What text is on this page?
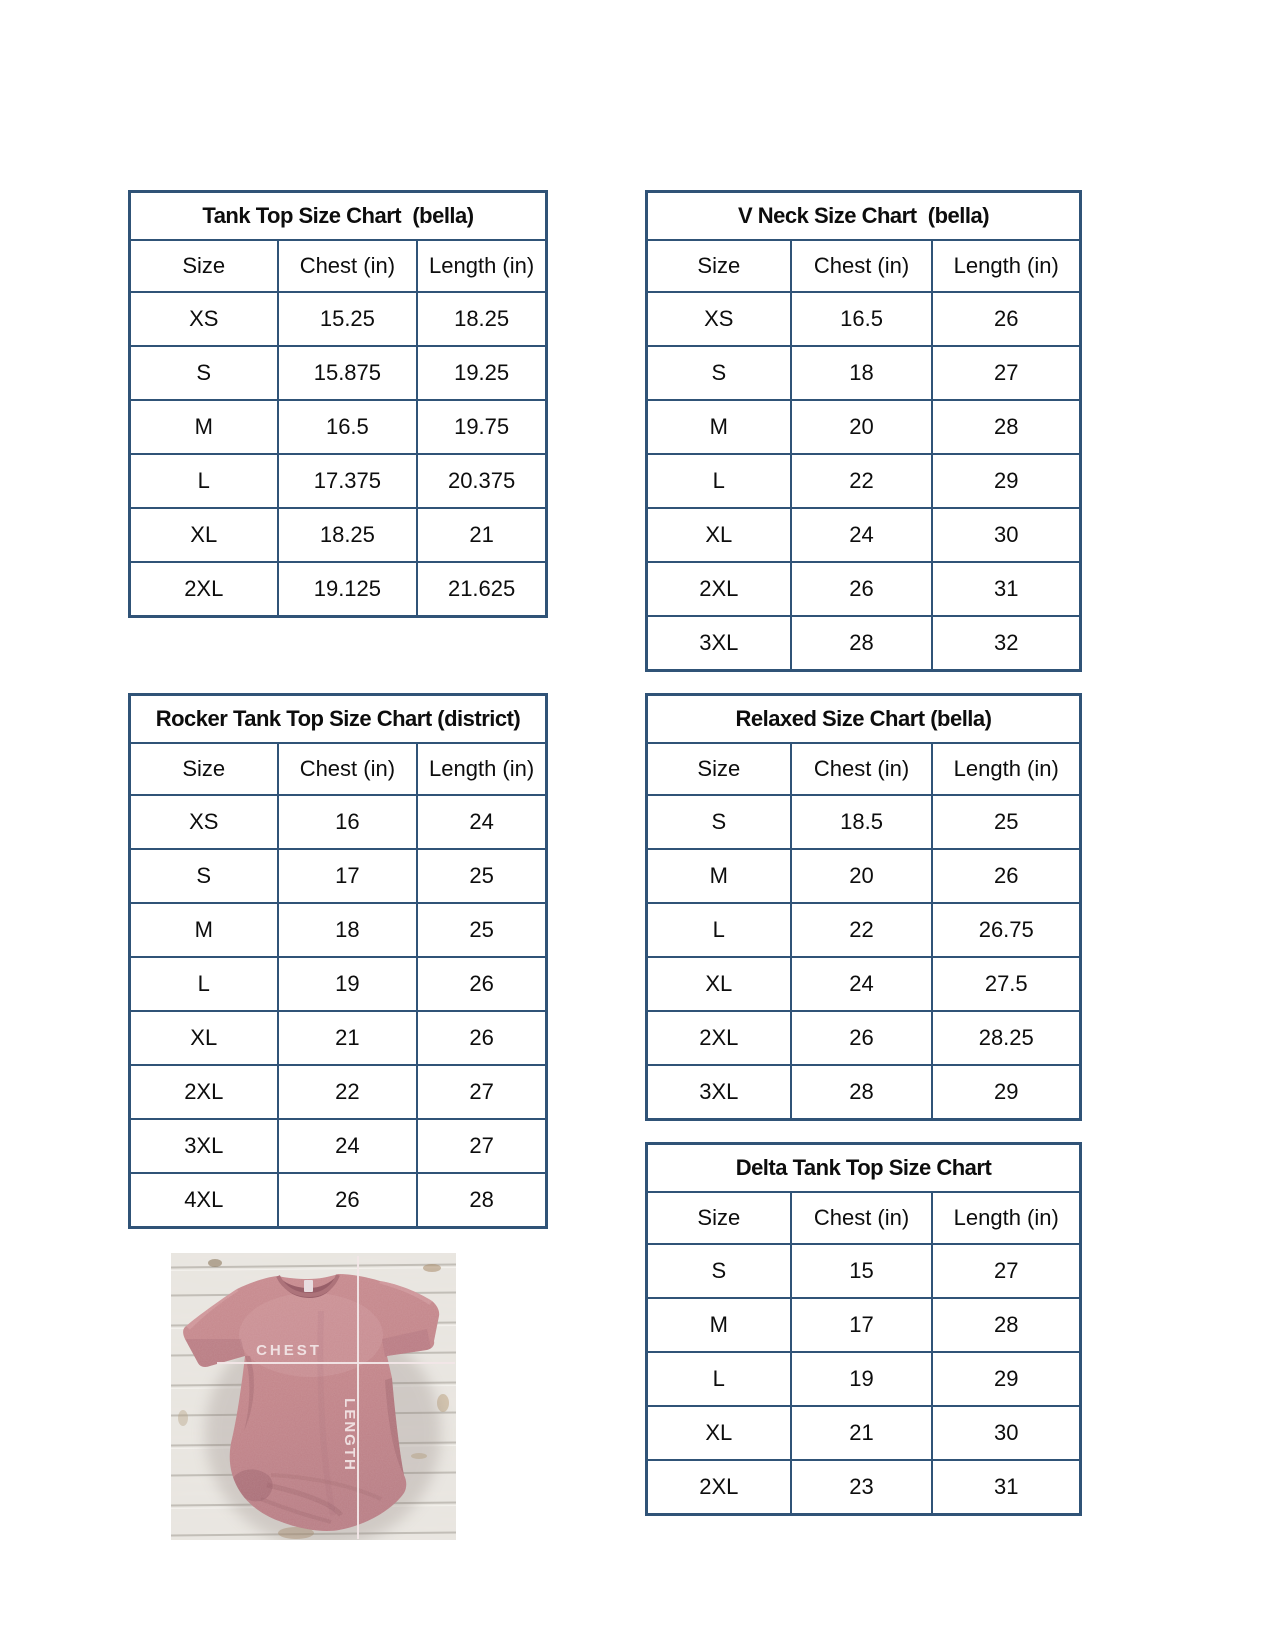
Tank Top Size Chart  (bella)		
Size	Chest (in)	Length (in)
XS	15.25	18.25
S	15.875	19.25
M	16.5	19.75
L	17.375	20.375
XL	18.25	21
2XL	19.125	21.625
V Neck Size Chart  (bella)		
Size	Chest (in)	Length (in)
XS	16.5	26
S	18	27
M	20	28
L	22	29
XL	24	30
2XL	26	31
3XL	28	32
Rocker Tank Top Size Chart (district)		
Size	Chest (in)	Length (in)
XS	16	24
S	17	25
M	18	25
L	19	26
XL	21	26
2XL	22	27
3XL	24	27
4XL	26	28
Relaxed Size Chart (bella)		
Size	Chest (in)	Length (in)
S	18.5	25
M	20	26
L	22	26.75
XL	24	27.5
2XL	26	28.25
3XL	28	29
Delta Tank Top Size Chart		
Size	Chest (in)	Length (in)
S	15	27
M	17	28
L	19	29
XL	21	30
2XL	23	31
CHEST
LENGTH
